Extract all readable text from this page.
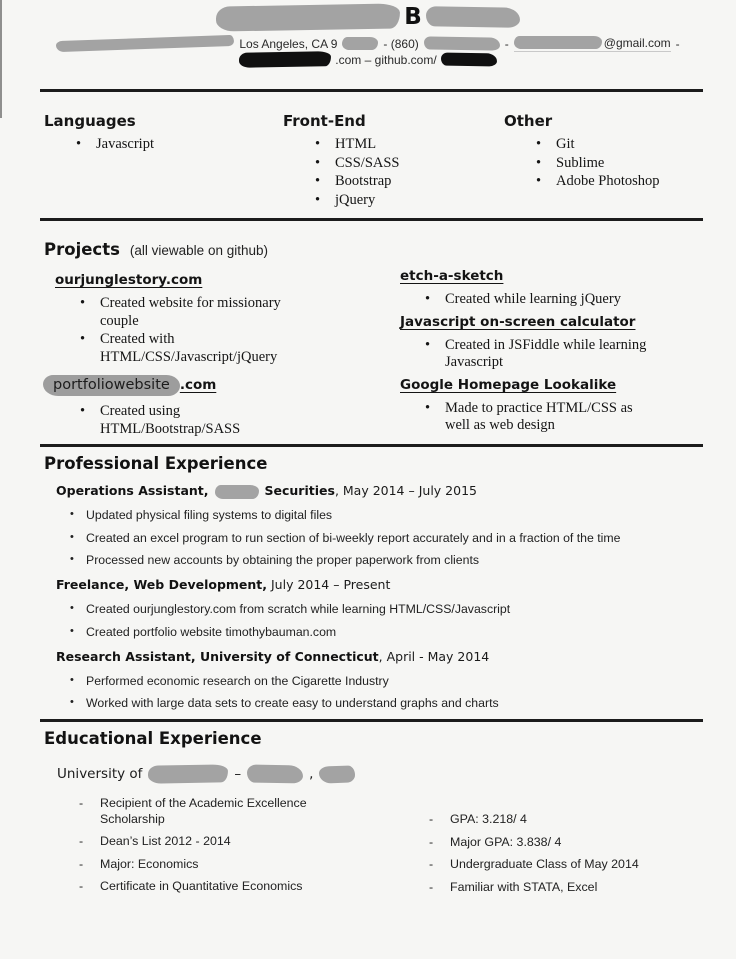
B
Los Angeles, CA 9	- (860)	-	@gmail.com -
.com – github.com/
Languages
• Javascript
Front-End
• HTML
• CSS/SASS
• Bootstrap
• jQuery
Other
• Git
• Sublime
• Adobe Photoshop
Projects (all viewable on github)
ourjunglestory.com
• Created website for missionary couple
• Created with HTML/CSS/Javascript/jQuery
portfoliowebsite .com
• Created using HTML/Bootstrap/SASS
etch-a-sketch
• Created while learning jQuery
Javascript on-screen calculator
• Created in JSFiddle while learning Javascript
Google Homepage Lookalike
• Made to practice HTML/CSS as well as web design
Professional Experience
Operations Assistant,	Securities, May 2014 – July 2015
• Updated physical filing systems to digital files
• Created an excel program to run section of bi-weekly report accurately and in a fraction of the time
• Processed new accounts by obtaining the proper paperwork from clients
Freelance, Web Development, July 2014 – Present
• Created ourjunglestory.com from scratch while learning HTML/CSS/Javascript
• Created portfolio website timothybauman.com
Research Assistant, University of Connecticut, April - May 2014
• Performed economic research on the Cigarette Industry
• Worked with large data sets to create easy to understand graphs and charts
Educational Experience
University of	–	,
- Recipient of the Academic Excellence Scholarship
- Dean’s List 2012 - 2014
- Major: Economics
- Certificate in Quantitative Economics
- GPA: 3.218/ 4
- Major GPA: 3.838/ 4
- Undergraduate Class of May 2014
- Familiar with STATA, Excel
